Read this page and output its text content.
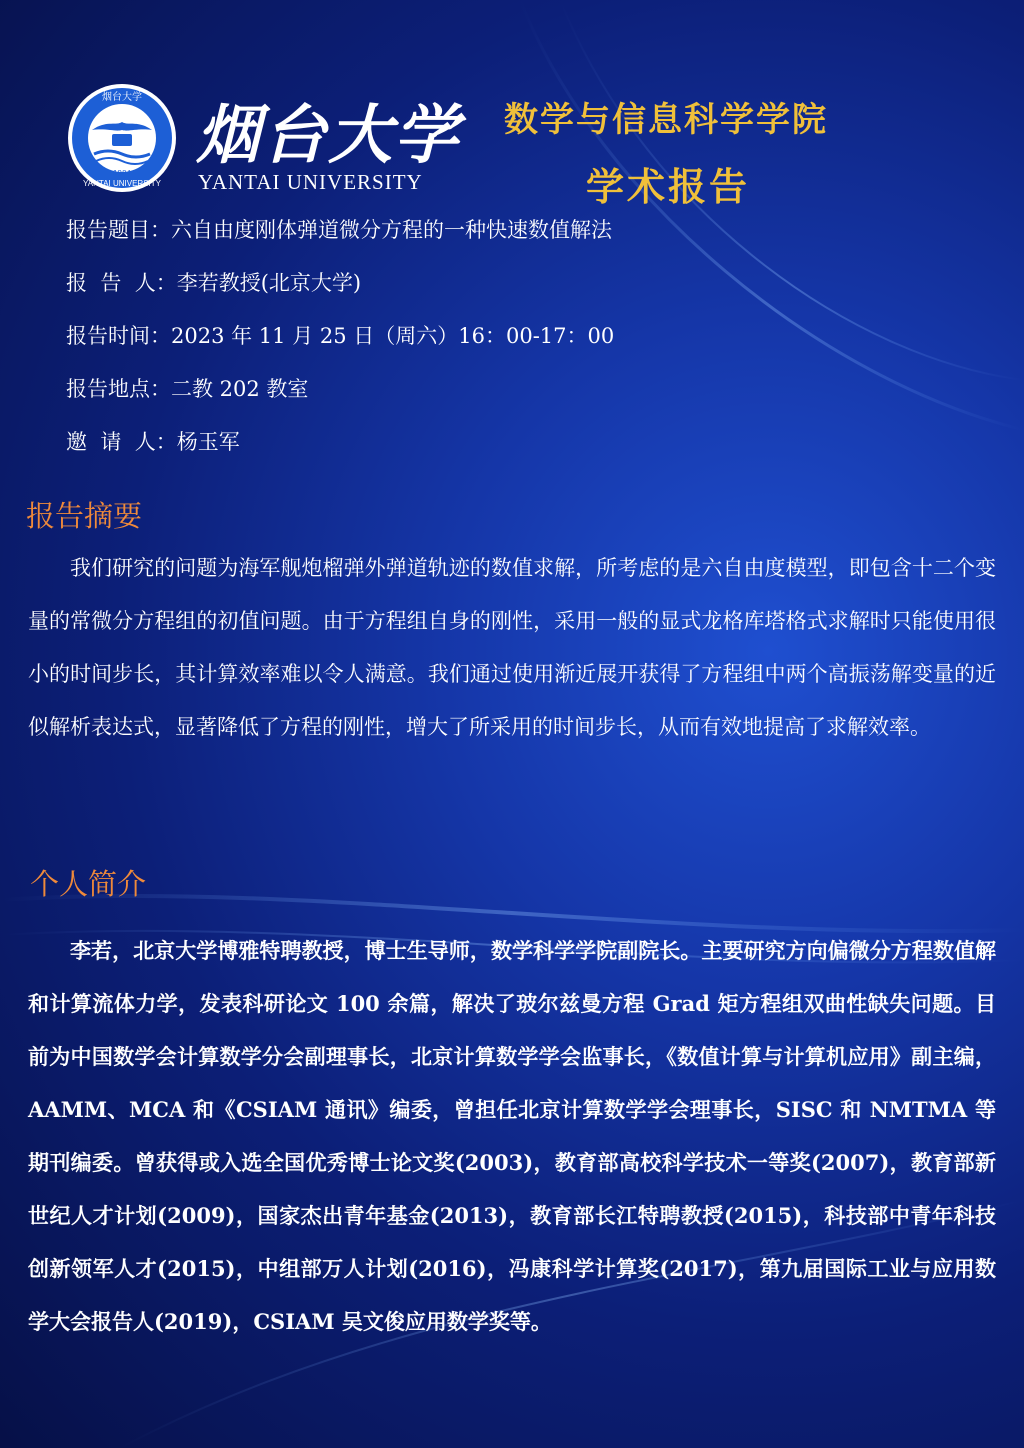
烟台大学
1984
YANTAI UNIVERSITY
烟台大学
YANTAI UNIVERSITY
数学与信息科学学院
学术报告
报告题目：六自由度刚体弹道微分方程的一种快速数值解法
报  告  人：李若教授(北京大学)
报告时间：2023 年 11 月 25 日（周六）16：00-17：00
报告地点：二教 202 教室
邀  请  人：杨玉军
报告摘要
我们研究的问题为海军舰炮榴弹外弹道轨迹的数值求解，所考虑的是六自由度模型，即包含十二个变量的常微分方程组的初值问题。由于方程组自身的刚性，采用一般的显式龙格库塔格式求解时只能使用很小的时间步长，其计算效率难以令人满意。我们通过使用渐近展开获得了方程组中两个高振荡解变量的近似解析表达式，显著降低了方程的刚性，增大了所采用的时间步长，从而有效地提高了求解效率。
个人简介
李若，北京大学博雅特聘教授，博士生导师，数学科学学院副院长。主要研究方向偏微分方程数值解和计算流体力学，发表科研论文 100 余篇，解决了玻尔兹曼方程 Grad 矩方程组双曲性缺失问题。目前为中国数学会计算数学分会副理事长，北京计算数学学会监事长，《数值计算与计算机应用》副主编，AAMM、MCA 和《CSIAM 通讯》编委，曾担任北京计算数学学会理事长，SISC 和 NMTMA 等期刊编委。曾获得或入选全国优秀博士论文奖(2003)，教育部高校科学技术一等奖(2007)，教育部新世纪人才计划(2009)，国家杰出青年基金(2013)，教育部长江特聘教授(2015)，科技部中青年科技创新领军人才(2015)，中组部万人计划(2016)，冯康科学计算奖(2017)，第九届国际工业与应用数学大会报告人(2019)，CSIAM 吴文俊应用数学奖等。
